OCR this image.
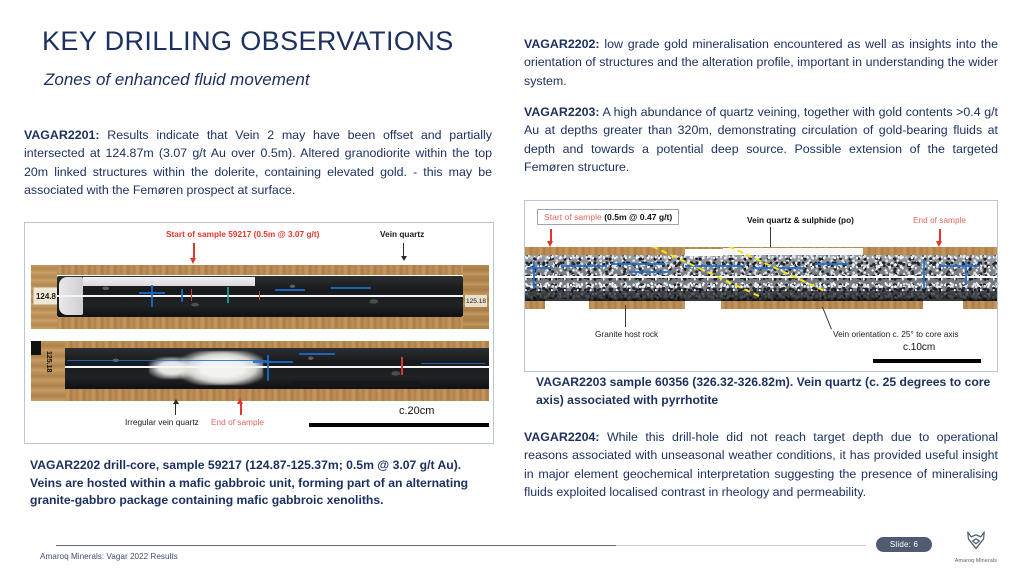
KEY DRILLING OBSERVATIONS
Zones of enhanced fluid movement
VAGAR2201: Results indicate that Vein 2 may have been offset and partially intersected at 124.87m (3.07 g/t Au over 0.5m). Altered granodiorite within the top 20m linked structures within the dolerite, containing elevated gold. - this may be associated with the Femøren prospect at surface.
VAGAR2202: low grade gold mineralisation encountered as well as insights into the orientation of structures and the alteration profile, important in understanding the wider system.
VAGAR2203: A high abundance of quartz veining, together with gold contents >0.4 g/t Au at depths greater than 320m, demonstrating circulation of gold-bearing fluids at depth and towards a potential deep source. Possible extension of the targeted Femøren structure.
VAGAR2204: While this drill-hole did not reach target depth due to operational reasons associated with unseasonal weather conditions, it has provided useful insight in major element geochemical interpretation suggesting the presence of mineralising fluids exploited localised contrast in rheology and permeability.
Start of sample 59217 (0.5m @ 3.07 g/t)	Vein quartz
124.8
125.18
125.18
Irregular vein quartz End of sample
c.20cm
Start of sample (0.5m @ 0.47 g/t)	Vein quartz & sulphide (po)	End of sample
Granite host rock	Vein orientation c. 25° to core axis
c.10cm
VAGAR2202 drill-core, sample 59217 (124.87-125.37m; 0.5m @ 3.07 g/t Au). Veins are hosted within a mafic gabbroic unit, forming part of an alternating granite-gabbro package containing mafic gabbroic xenoliths.
VAGAR2203 sample 60356 (326.32-326.82m). Vein quartz (c. 25 degrees to core axis) associated with pyrrhotite
Amaroq Minerals: Vagar 2022 Results
Slide: 6
Amaroq Minerals
